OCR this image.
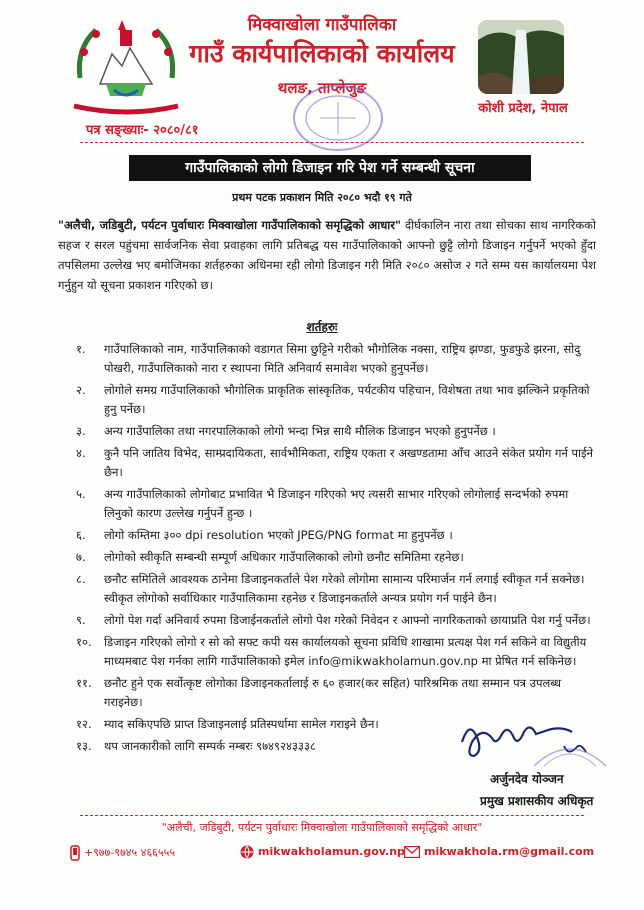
मिक्वाखोला गाउँपालिका
गाउँ कार्यपालिकाको कार्यालय
थलङ, ताप्लेजुङ
कोशी प्रदेश, नेपाल
पत्र सङ्ख्याः- २०८०/८१
गाउँपालिकाको लोगो डिजाइन गरि पेश गर्ने सम्बन्धी सूचना
प्रथम पटक प्रकाशन मिति २०८० भदौ १९ गते
"अलैची, जडिबुटी, पर्यटन पुर्वाधारः मिक्वाखोला गाउँपालिकाको समृद्धिको आधार" दीर्घकालिन नारा तथा सोचका साथ नागरिकको सहज र सरल पहुंचमा सार्वजनिक सेवा प्रवाहका लागि प्रतिबद्ध यस गाउँपालिकाको आफ्नो छुट्टै लोगो डिजाइन गर्नुपर्ने भएको हुँदा तपसिलमा उल्लेख भए बमोजिमका शर्तहरुका अधिनमा रही लोगो डिजाइन गरी मिति २०८० असोज २ गते सम्म यस कार्यालयमा पेश गर्नुहुन यो सूचना प्रकाशन गरिएको छ।
शर्तहरुः
१.	गाउँपालिकाको नाम, गाउँपालिकाको वडागत सिमा छुट्टिने गरीको भौगोलिक नक्सा, राष्ट्रिय झण्डा, फुडफुडे झरना, सोदु पोखरी, गाउँपालिकाको नारा र स्थापना मिति अनिवार्य समावेश भएको हुनुपर्नेछ।
२.	लोगोले समग्र गाउँपालिकाको भौगोलिक प्राकृतिक सांस्कृतिक, पर्यटकीय पहिचान, विशेषता तथा भाव झल्किने प्रकृतिको हुनु पर्नेछ।
३.	अन्य गाउँपालिका तथा नगरपालिकाको लोगो भन्दा भिन्न साथै मौलिक डिजाइन भएको हुनुपर्नेछ ।
४.	कुनै पनि जातिय विभेद, साम्प्रदायिकता, सार्वभौमिकता, राष्ट्रिय एकता र अखण्डतामा आँच आउने संकेत प्रयोग गर्न पाईने छैन।
५.	अन्य गाउँपालिकाको लोगोबाट प्रभावित भै डिजाइन गरिएको भए त्यसरी साभार गरिएको लोगोलाई सन्दर्भको रुपमा लिनुको कारण उल्लेख गर्नुपर्ने हुन्छ ।
६.	लोगो कम्तिमा ३०० dpi resolution भएको JPEG/PNG format मा हुनुपर्नेछ ।
७.	लोगोको स्वीकृति सम्बन्धी सम्पूर्ण अधिकार गाउँपालिकाको लोगो छनौट समितिमा रहनेछ।
८.	छनौट समितिले आवश्यक ठानेमा डिजाइनकर्ताले पेश गरेको लोगोमा सामान्य परिमार्जन गर्न लगाई स्वीकृत गर्न सक्नेछ। स्वीकृत लोगोको सर्वाधिकार गाउँपालिकामा रहनेछ र डिजाइनकर्ताले अन्यत्र प्रयोग गर्न पाईने छैन।
९.	लोगो पेश गर्दा अनिवार्य रुपमा डिजाईनकर्ताले लोगो पेश गरेको निवेदन र आफ्नो नागरिकताको छायाप्रति पेश गर्नु पर्नेछ।
१०.	डिजाइन गरिएको लोगो र सो को सफ्ट कपी यस कार्यालयको सूचना प्रविधि शाखामा प्रत्यक्ष पेश गर्न सकिने वा विद्युतीय माध्यमबाट पेश गर्नका लागि गाउँपालिकाको इमेल info@mikwakholamun.gov.np मा प्रेषित गर्न सकिनेछ।
११.	छनौट हुने एक सर्वोत्कृष्ट लोगोका डिजाइनकर्तालाई रु ६० हजार(कर सहित) पारिश्रमिक तथा सम्मान पत्र उपलब्ध गराइनेछ।
१२.	म्याद सकिएपछि प्राप्त डिजाइनलाई प्रतिस्पर्धामा सामेल गराइने छैन।
१३.	थप जानकारीको लागि सम्पर्क नम्बरः ९७४९२४३३३८
अर्जुनदेव योञ्जन
प्रमुख प्रशासकीय अधिकृत
"अलैची, जडिबुटी, पर्यटन पुर्वाधारः मिक्वाखोला गाउँपालिकाको समृद्धिको आधार"
+९७७-९७४५ ४६६५५५	mikwakholamun.gov.np	mikwakhola.rm@gmail.com
